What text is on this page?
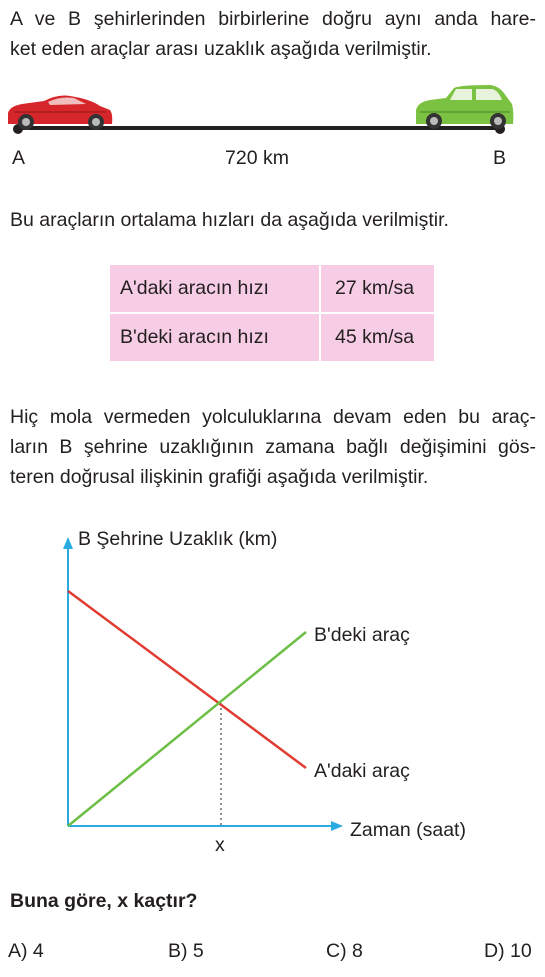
A ve B şehirlerinden birbirlerine doğru aynı anda hare-
ket eden araçlar arası uzaklık aşağıda verilmiştir.
B Şehrine Uzaklık (km)
Zaman (saat)
x
B'deki araç
A'daki araç
A	720 km	B
Bu araçların ortalama hızları da aşağıda verilmiştir.
A'daki aracın hızı	27 km/sa
B'deki aracın hızı	45 km/sa
Hiç mola vermeden yolculuklarına devam eden bu araç-
ların B şehrine uzaklığının zamana bağlı değişimini gös-
teren doğrusal ilişkinin grafiği aşağıda verilmiştir.
Buna göre, x kaçtır?
A) 4	B) 5	C) 8	D) 10
